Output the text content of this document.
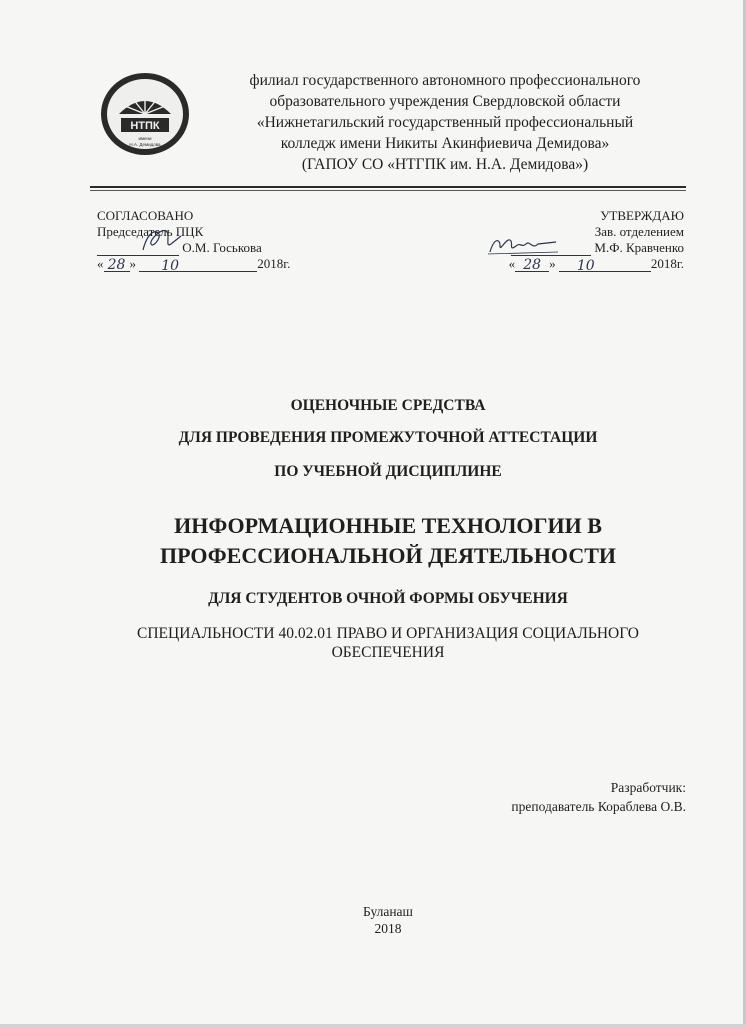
НТПК
имени
Н.А. Демидова
филиал государственного автономного профессионального
образовательного учреждения Свердловской области
«Нижнетагильский государственный профессиональный
колледж имени Никиты Акинфиевича Демидова»
(ГАПОУ СО «НТГПК им. Н.А. Демидова»)
СОГЛАСОВАНО
Председатель ПЦК
О.М. Госькова
« 28 » 10	2018г.
УТВЕРЖДАЮ
Зав. отделением
М.Ф. Кравченко
« 28 » 10	2018г.
ОЦЕНОЧНЫЕ СРЕДСТВА
ДЛЯ ПРОВЕДЕНИЯ ПРОМЕЖУТОЧНОЙ АТТЕСТАЦИИ
ПО УЧЕБНОЙ ДИСЦИПЛИНЕ
ИНФОРМАЦИОННЫЕ ТЕХНОЛОГИИ В
ПРОФЕССИОНАЛЬНОЙ ДЕЯТЕЛЬНОСТИ
ДЛЯ СТУДЕНТОВ ОЧНОЙ ФОРМЫ ОБУЧЕНИЯ
СПЕЦИАЛЬНОСТИ 40.02.01 ПРАВО И ОРГАНИЗАЦИЯ СОЦИАЛЬНОГО
ОБЕСПЕЧЕНИЯ
Разработчик:
преподаватель Кораблева О.В.
Буланаш
2018
